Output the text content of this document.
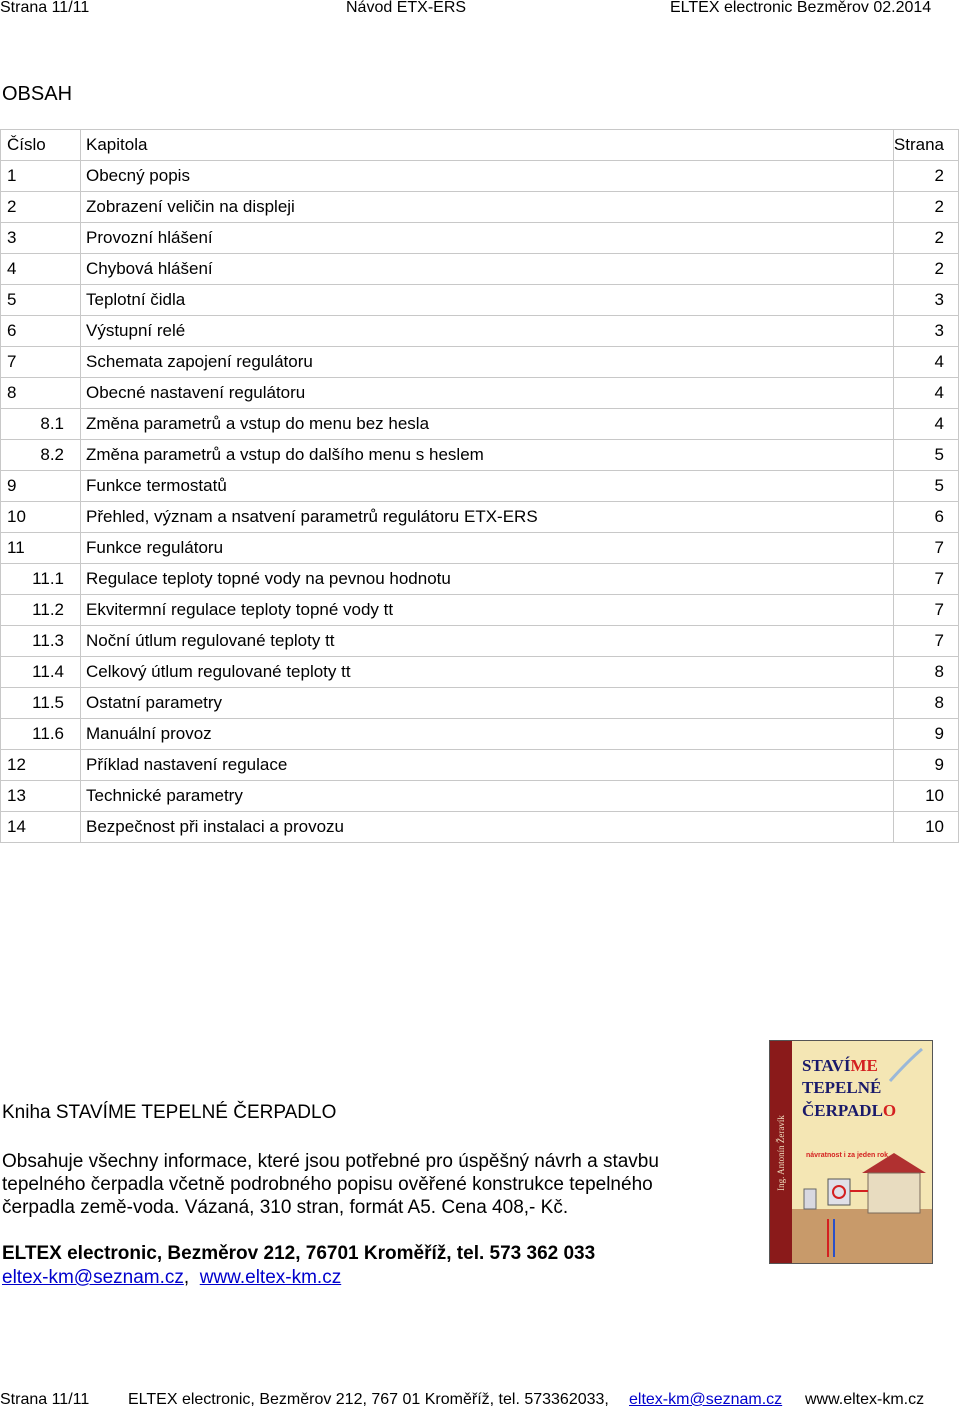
Strana 11/11	Návod ETX-ERS	ELTEX electronic Bezměrov 02.2014
OBSAH
Číslo	Kapitola	Strana
1	Obecný popis	2
2	Zobrazení veličin na displeji	2
3	Provozní hlášení	2
4	Chybová hlášení	2
5	Teplotní čidla	3
6	Výstupní relé	3
7	Schemata zapojení regulátoru	4
8	Obecné nastavení regulátoru	4
8.1	Změna parametrů a vstup do menu bez hesla	4
8.2	Změna parametrů a vstup do dalšího menu s heslem	5
9	Funkce termostatů	5
10	Přehled, význam a nsatvení parametrů regulátoru ETX-ERS	6
11	Funkce regulátoru	7
11.1	Regulace teploty topné vody na pevnou hodnotu	7
11.2	Ekvitermní regulace teploty topné vody tt	7
11.3	Noční útlum regulované teploty tt	7
11.4	Celkový útlum regulované teploty tt	8
11.5	Ostatní parametry	8
11.6	Manuální provoz	9
12	Příklad nastavení regulace	9
13	Technické parametry	10
14	Bezpečnost při instalaci a provozu	10
Kniha STAVÍME TEPELNÉ ČERPADLO
Obsahuje všechny informace, které jsou potřebné pro úspěšný návrh a stavbu tepelného čerpadla včetně podrobného popisu ověřené konstrukce tepelného čerpadla země-voda. Vázaná, 310 stran, formát A5. Cena 408,- Kč.
ELTEX electronic, Bezměrov 212, 76701 Kroměříž, tel. 573 362 033
eltex-km@seznam.cz, www.eltex-km.cz
Ing. Antonín Žeravík
STAVÍME
TEPELNÉ
ČERPADLO
návratnost i za jeden rok
Strana 11/11 ELTEX electronic, Bezměrov 212, 767 01 Kroměříž, tel. 573362033, eltex-km@seznam.cz www.eltex-km.cz
